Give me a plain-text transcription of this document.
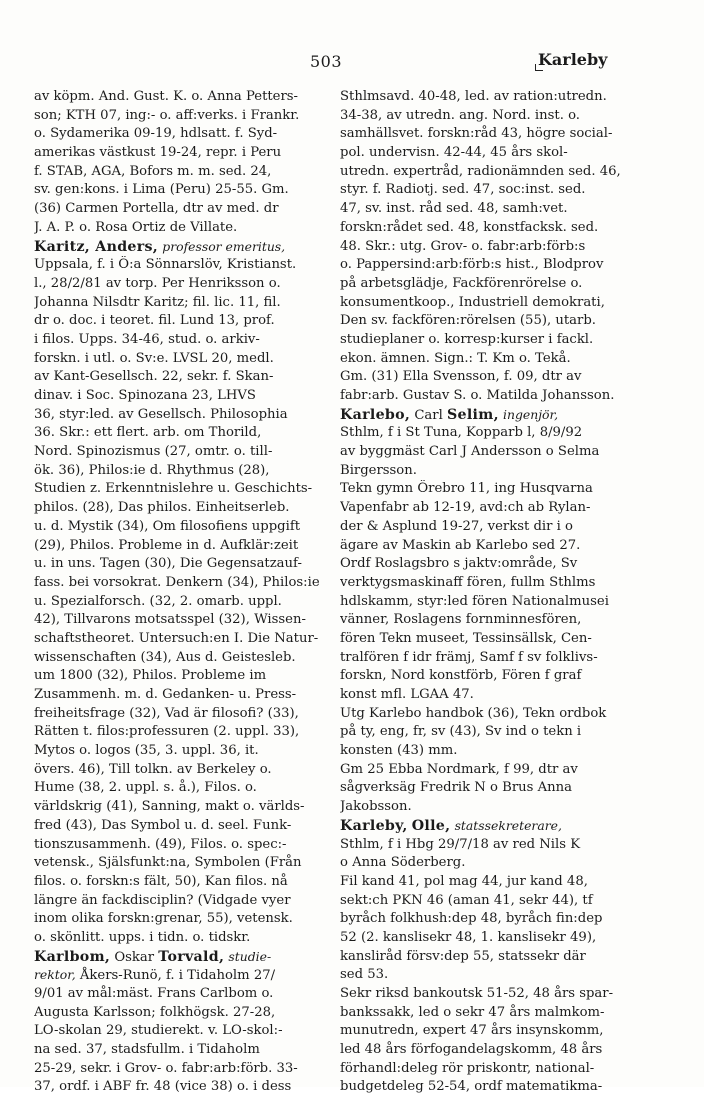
503	Karleby
av köpm. And. Gust. K. o. Anna Petters-
son; KTH 07, ing:- o. aff:verks. i Frankr.
o. Sydamerika 09-19, hdlsatt. f. Syd-
amerikas västkust 19-24, repr. i Peru
f. STAB, AGA, Bofors m. m. sed. 24,
sv. gen:kons. i Lima (Peru) 25-55. Gm.
(36) Carmen Portella, dtr av med. dr
J. A. P. o. Rosa Ortiz de Villate.
Karitz, Anders, professor emeritus,
Uppsala, f. i Ö:a Sönnarslöv, Kristianst.
l., 28/2/81 av torp. Per Henriksson o.
Johanna Nilsdtr Karitz; fil. lic. 11, fil.
dr o. doc. i teoret. fil. Lund 13, prof.
i filos. Upps. 34-46, stud. o. arkiv-
forskn. i utl. o. Sv:e. LVSL 20, medl.
av Kant-Gesellsch. 22, sekr. f. Skan-
dinav. i Soc. Spinozana 23, LHVS
36, styr:led. av Gesellsch. Philosophia
36. Skr.: ett flert. arb. om Thorild,
Nord. Spinozismus (27, omtr. o. till-
ök. 36), Philos:ie d. Rhythmus (28),
Studien z. Erkenntnislehre u. Geschichts-
philos. (28), Das philos. Einheitserleb.
u. d. Mystik (34), Om filosofiens uppgift
(29), Philos. Probleme in d. Aufklär:zeit
u. in uns. Tagen (30), Die Gegensatzauf-
fass. bei vorsokrat. Denkern (34), Philos:ie
u. Spezialforsch. (32, 2. omarb. uppl.
42), Tillvarons motsatsspel (32), Wissen-
schaftstheoret. Untersuch:en I. Die Natur-
wissenschaften (34), Aus d. Geistesleb.
um 1800 (32), Philos. Probleme im
Zusammenh. m. d. Gedanken- u. Press-
freiheitsfrage (32), Vad är filosofi? (33),
Rätten t. filos:professuren (2. uppl. 33),
Mytos o. logos (35, 3. uppl. 36, it.
övers. 46), Till tolkn. av Berkeley o.
Hume (38, 2. uppl. s. å.), Filos. o.
världskrig (41), Sanning, makt o. världs-
fred (43), Das Symbol u. d. seel. Funk-
tionszusammenh. (49), Filos. o. spec:-
vetensk., Själsfunkt:na, Symbolen (Från
filos. o. forskn:s fält, 50), Kan filos. nå
längre än fackdisciplin? (Vidgade vyer
inom olika forskn:grenar, 55), vetensk.
o. skönlitt. upps. i tidn. o. tidskr.
Karlbom, Oskar Torvald, studie-
rektor, Åkers-Runö, f. i Tidaholm 27/
9/01 av mål:mäst. Frans Carlbom o.
Augusta Karlsson; folkhögsk. 27-28,
LO-skolan 29, studierekt. v. LO-skol:-
na sed. 37, stadsfullm. i Tidaholm
25-29, sekr. i Grov- o. fabr:arb:förb. 33-
37, ordf. i ABF fr. 48 (vice 38) o. i dess
Sthlmsavd. 40-48, led. av ration:utredn.
34-38, av utredn. ang. Nord. inst. o.
samhällsvet. forskn:råd 43, högre social-
pol. undervisn. 42-44, 45 års skol-
utredn. expertråd, radionämnden sed. 46,
styr. f. Radiotj. sed. 47, soc:inst. sed.
47, sv. inst. råd sed. 48, samh:vet.
forskn:rådet sed. 48, konstfacksk. sed.
48. Skr.: utg. Grov- o. fabr:arb:förb:s
o. Pappersind:arb:förb:s hist., Blodprov
på arbetsglädje, Fackförenrörelse o.
konsumentkoop., Industriell demokrati,
Den sv. fackfören:rörelsen (55), utarb.
studieplaner o. korresp:kurser i fackl.
ekon. ämnen. Sign.: T. Km o. Tekå.
Gm. (31) Ella Svensson, f. 09, dtr av
fabr:arb. Gustav S. o. Matilda Johansson.
Karlebo, Carl Selim, ingenjör,
Sthlm, f i St Tuna, Kopparb l, 8/9/92
av byggmäst Carl J Andersson o Selma
Birgersson.
Tekn gymn Örebro 11, ing Husqvarna
Vapenfabr ab 12-19, avd:ch ab Rylan-
der & Asplund 19-27, verkst dir i o
ägare av Maskin ab Karlebo sed 27.
Ordf Roslagsbro s jaktv:område, Sv
verktygsmaskinaff fören, fullm Sthlms
hdlskamm, styr:led fören Nationalmusei
vänner, Roslagens fornminnesfören,
fören Tekn museet, Tessinsällsk, Cen-
tralfören f idr främj, Samf f sv folklivs-
forskn, Nord konstförb, Fören f graf
konst mfl. LGAA 47.
Utg Karlebo handbok (36), Tekn ordbok
på ty, eng, fr, sv (43), Sv ind o tekn i
konsten (43) mm.
Gm 25 Ebba Nordmark, f 99, dtr av
sågverksäg Fredrik N o Brus Anna
Jakobsson.
Karleby, Olle, statssekreterare,
Sthlm, f i Hbg 29/7/18 av red Nils K
o Anna Söderberg.
Fil kand 41, pol mag 44, jur kand 48,
sekt:ch PKN 46 (aman 41, sekr 44), tf
byråch folkhush:dep 48, byråch fin:dep
52 (2. kanslisekr 48, 1. kanslisekr 49),
kanslіråd försv:dep 55, statssekr där
sed 53.
Sekr riksd bankoutsk 51-52, 48 års spar-
bankssakk, led o sekr 47 års malmkom-
munutredn, expert 47 års insynskomm,
led 48 års förfogandelagskomm, 48 års
förhandl:deleg rör priskontr, national-
budgetdeleg 52-54, ordf matematikma-
